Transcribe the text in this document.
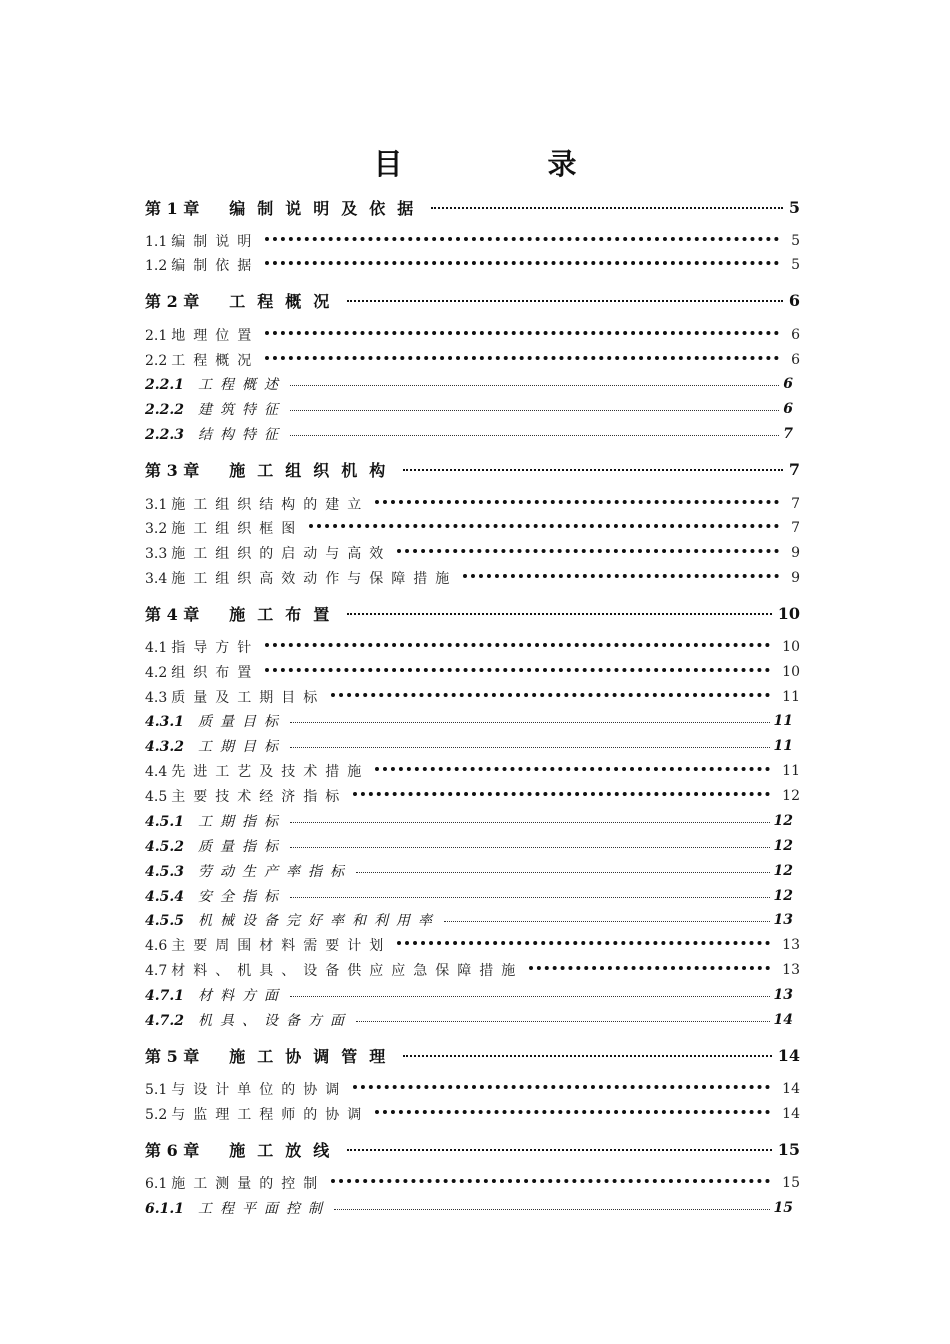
目　录
第 1 章 编制说明及依据	5
1.1 编制说明	5
1.2 编制依据	5
第 2 章 工程概况	6
2.1 地理位置	6
2.2 工程概况	6
2.2.1 工程概述	6
2.2.2 建筑特征	6
2.2.3 结构特征	7
第 3 章 施工组织机构	7
3.1 施工组织结构的建立	7
3.2 施工组织框图	7
3.3 施工组织的启动与高效	9
3.4 施工组织高效动作与保障措施	9
第 4 章 施工布置	10
4.1 指导方针	10
4.2 组织布置	10
4.3 质量及工期目标	11
4.3.1 质量目标	11
4.3.2 工期目标	11
4.4 先进工艺及技术措施	11
4.5 主要技术经济指标	12
4.5.1 工期指标	12
4.5.2 质量指标	12
4.5.3 劳动生产率指标	12
4.5.4 安全指标	12
4.5.5 机械设备完好率和利用率	13
4.6 主要周围材料需要计划	13
4.7 材料、机具、设备供应应急保障措施	13
4.7.1 材料方面	13
4.7.2 机具、设备方面	14
第 5 章 施工协调管理	14
5.1 与设计单位的协调	14
5.2 与监理工程师的协调	14
第 6 章 施工放线	15
6.1 施工测量的控制	15
6.1.1 工程平面控制	15
